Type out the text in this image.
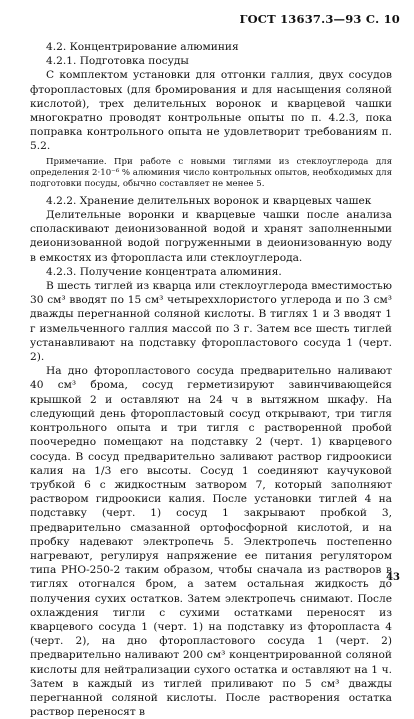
ГОСТ 13637.3—93 С. 10

4.2. Концентрирование алюминия

4.2.1. Подготовка посуды

С комплектом установки для отгонки галлия, двух сосудов фторопластовых (для бромирования и для насыщения соляной кислотой), трех делительных воронок и кварцевой чашки многократно проводят контрольные опыты по п. 4.2.3, пока поправка контрольного опыта не удовлетворит требованиям п. 5.2.

Примечание. При работе с новыми тиглями из стеклоуглерода для определения 2·10⁻⁶ % алюминия число контрольных опытов, необходимых для подготовки посуды, обычно составляет не менее 5.

4.2.2. Хранение делительных воронок и кварцевых чашек

Делительные воронки и кварцевые чашки после анализа споласкивают деионизованной водой и хранят заполненными деионизованной водой погруженными в деионизованную воду в емкостях из фторопласта или стеклоуглерода.

4.2.3. Получение концентрата алюминия.

В шесть тиглей из кварца или стеклоуглерода вместимостью 30 см³ вводят по 15 см³ четыреххлористого углерода и по 3 см³ дважды перегнанной соляной кислоты. В тиглях 1 и 3 вводят 1 г измельченного галлия массой по 3 г. Затем все шесть тиглей устанавливают на подставку фторопластового сосуда 1 (черт. 2).

На дно фторопластового сосуда предварительно наливают 40 см³ брома, сосуд герметизируют завинчивающейся крышкой 2 и оставляют на 24 ч в вытяжном шкафу. На следующий день фторопластовый сосуд открывают, три тигля контрольного опыта и три тигля с растворенной пробой поочередно помещают на подставку 2 (черт. 1) кварцевого сосуда. В сосуд предварительно заливают раствор гидроокиси калия на 1/3 его высоты. Сосуд 1 соединяют каучуковой трубкой 6 с жидкостным затвором 7, который заполняют раствором гидроокиси калия. После установки тиглей 4 на подставку (черт. 1) сосуд 1 закрывают пробкой 3, предварительно смазанной ортофосфорной кислотой, и на пробку надевают электропечь 5. Электропечь постепенно нагревают, регулируя напряжение ее питания регулятором типа РНО-250-2 таким образом, чтобы сначала из растворов в тиглях отогнался бром, а затем остальная жидкость до получения сухих остатков. Затем электропечь снимают. После охлаждения тигли с сухими остатками переносят из кварцевого сосуда 1 (черт. 1) на подставку из фторопласта 4 (черт. 2), на дно фторопластового сосуда 1 (черт. 2) предварительно наливают 200 см³ концентрированной соляной кислоты для нейтрализации сухого остатка и оставляют на 1 ч. Затем в каждый из тиглей приливают по 5 см³ дважды перегнанной соляной кислоты. После растворения остатка раствор переносят в

43
